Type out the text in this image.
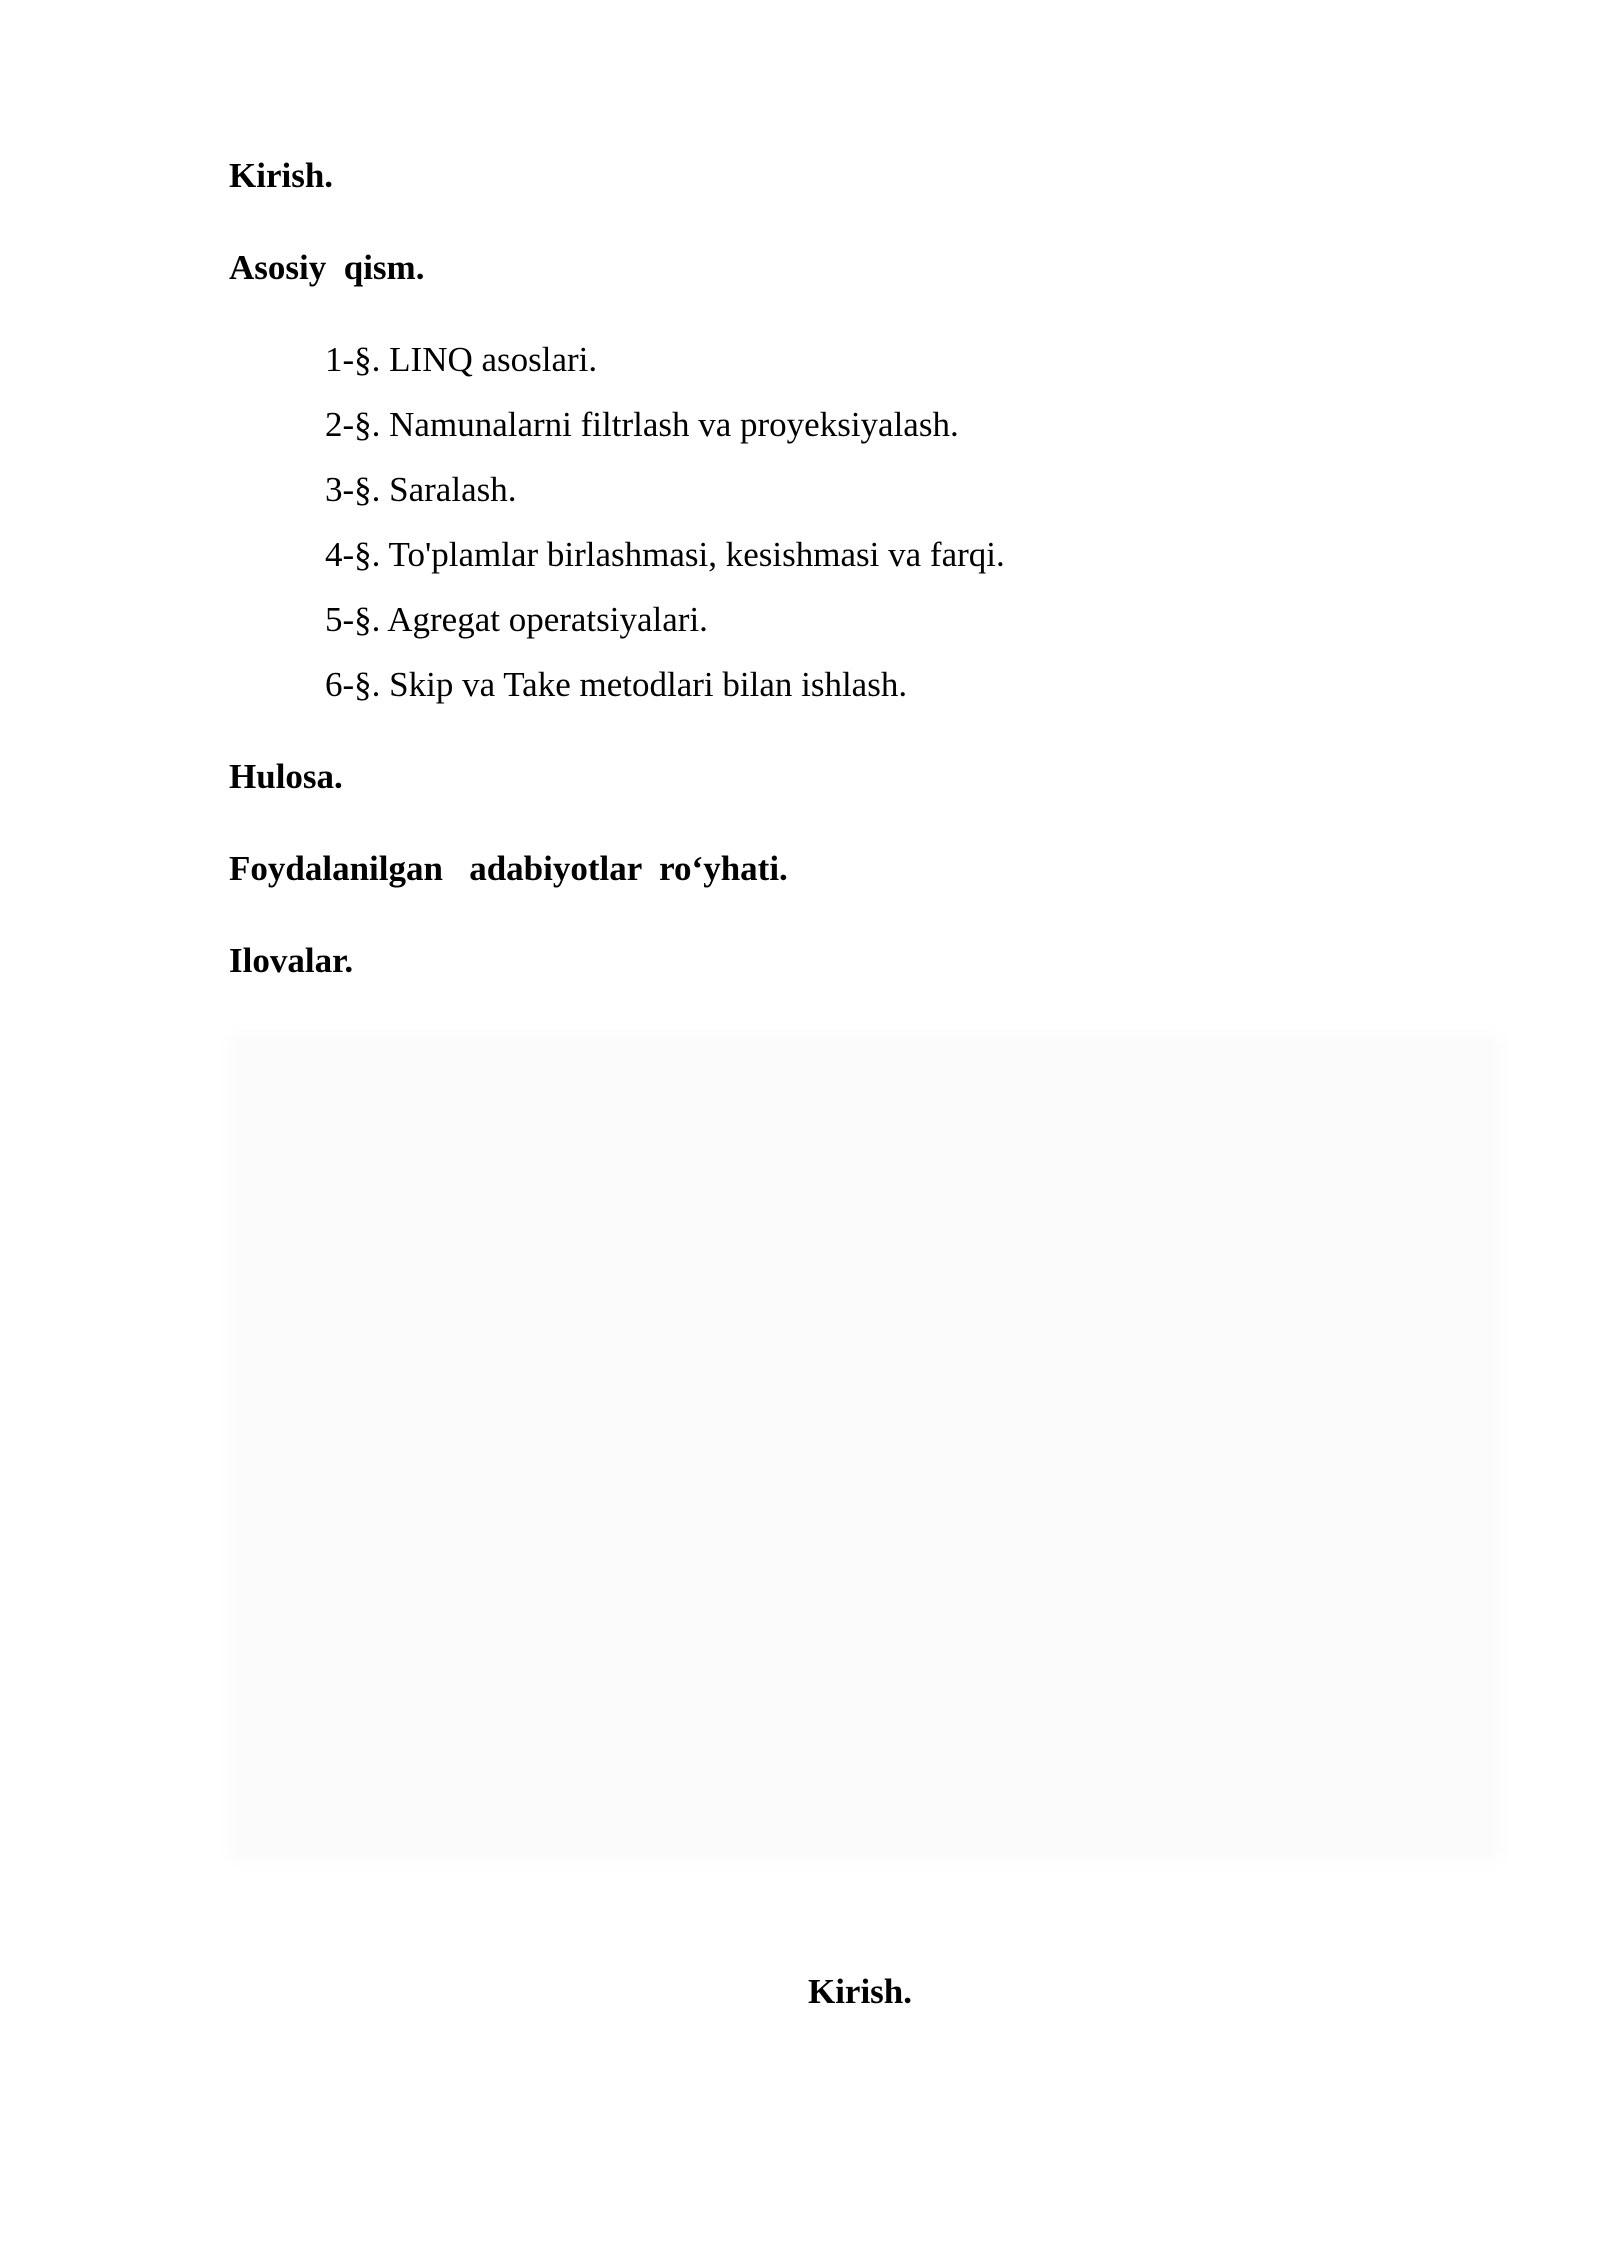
Kirish.
Asosiy  qism.
1-§. LINQ asoslari.
2-§. Namunalarni filtrlash va proyeksiyalash.
3-§. Saralash.
4-§. To'plamlar birlashmasi, kesishmasi va farqi.
5-§. Agregat operatsiyalari.
6-§. Skip va Take metodlari bilan ishlash.
Hulosa.
Foydalanilgan   adabiyotlar  ro‘yhati.
Ilovalar.
Kirish.
